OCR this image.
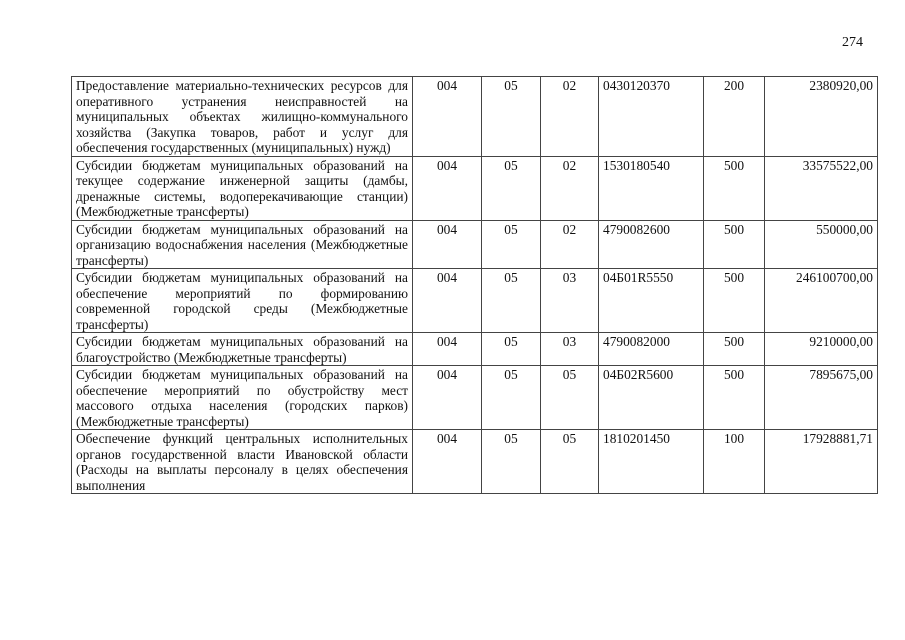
274
Предоставление материально-технических ресурсов для оперативного устранения неисправностей на муниципальных объектах жилищно-коммунального хозяйства (Закупка товаров, работ и услуг для обеспечения государственных (муниципальных) нужд)	004	05	02	0430120370	200	2380920,00
Субсидии бюджетам муниципальных образований на текущее содержание инженерной защиты (дамбы, дренажные системы, водоперекачивающие станции) (Межбюджетные трансферты)	004	05	02	1530180540	500	33575522,00
Субсидии бюджетам муниципальных образований на организацию водоснабжения населения (Межбюджетные трансферты)	004	05	02	4790082600	500	550000,00
Субсидии бюджетам муниципальных образований на обеспечение мероприятий по формированию современной городской среды (Межбюджетные трансферты)	004	05	03	04Б01R5550	500	246100700,00
Субсидии бюджетам муниципальных образований на благоустройство (Межбюджетные трансферты)	004	05	03	4790082000	500	9210000,00
Субсидии бюджетам муниципальных образований на обеспечение мероприятий по обустройству мест массового отдыха населения (городских парков) (Межбюджетные трансферты)	004	05	05	04Б02R5600	500	7895675,00
Обеспечение функций центральных исполнительных органов государственной власти Ивановской области (Расходы на выплаты персоналу в целях обеспечения выполнения	004	05	05	1810201450	100	17928881,71
